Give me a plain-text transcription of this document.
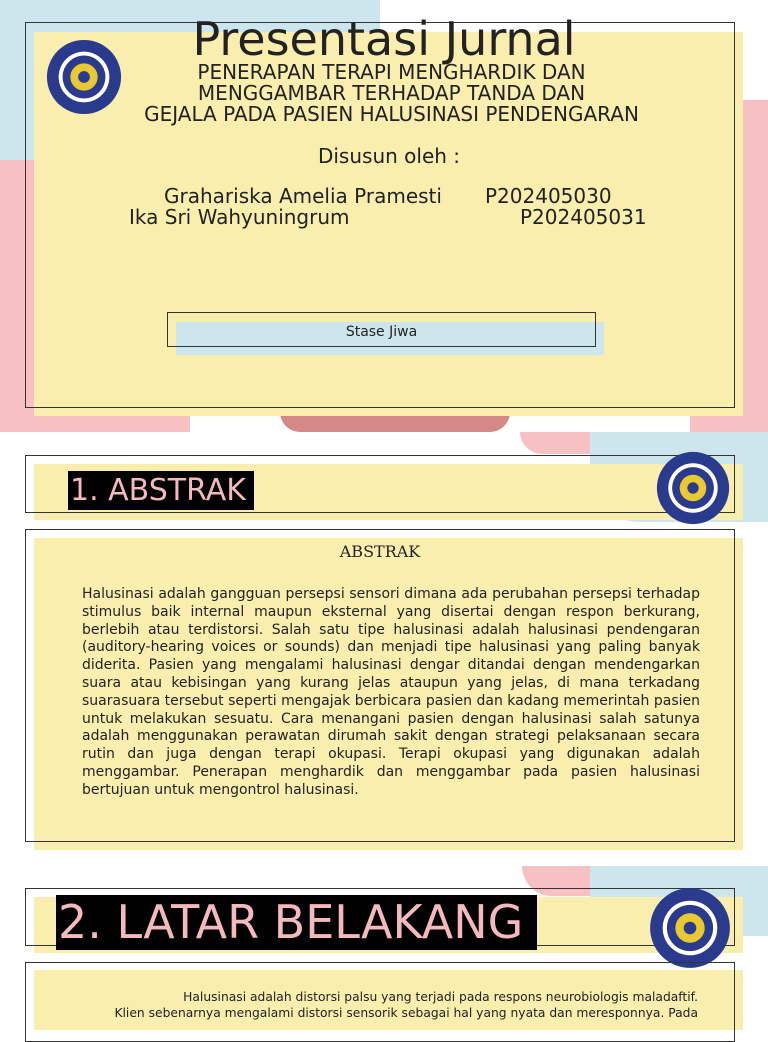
Presentasi Jurnal
PENERAPAN TERAPI MENGHARDIK DAN
MENGGAMBAR TERHADAP TANDA DAN
GEJALA PADA PASIEN HALUSINASI PENDENGARAN
Disusun oleh :
Grahariska Amelia Pramesti P202405030
Ika Sri Wahyuningrum	P202405031
Stase Jiwa
1. ABSTRAK
ABSTRAK
Halusinasi adalah gangguan persepsi sensori dimana ada perubahan persepsi terhadap stimulus baik internal maupun eksternal yang disertai dengan respon berkurang, berlebih atau terdistorsi. Salah satu tipe halusinasi adalah halusinasi pendengaran (auditory-hearing voices or sounds) dan menjadi tipe halusinasi yang paling banyak diderita. Pasien yang mengalami halusinasi dengar ditandai dengan mendengarkan suara atau kebisingan yang kurang jelas ataupun yang jelas, di mana terkadang suarasuara tersebut seperti mengajak berbicara pasien dan kadang memerintah pasien untuk melakukan sesuatu. Cara menangani pasien dengan halusinasi salah satunya adalah menggunakan perawatan dirumah sakit dengan strategi pelaksanaan secara rutin dan juga dengan terapi okupasi. Terapi okupasi yang digunakan adalah menggambar. Penerapan menghardik dan menggambar pada pasien halusinasi bertujuan untuk mengontrol halusinasi.
2. LATAR BELAKANG
Halusinasi adalah distorsi palsu yang terjadi pada respons neurobiologis maladaftif.
Klien sebenarnya mengalami distorsi sensorik sebagai hal yang nyata dan meresponnya. Pada
